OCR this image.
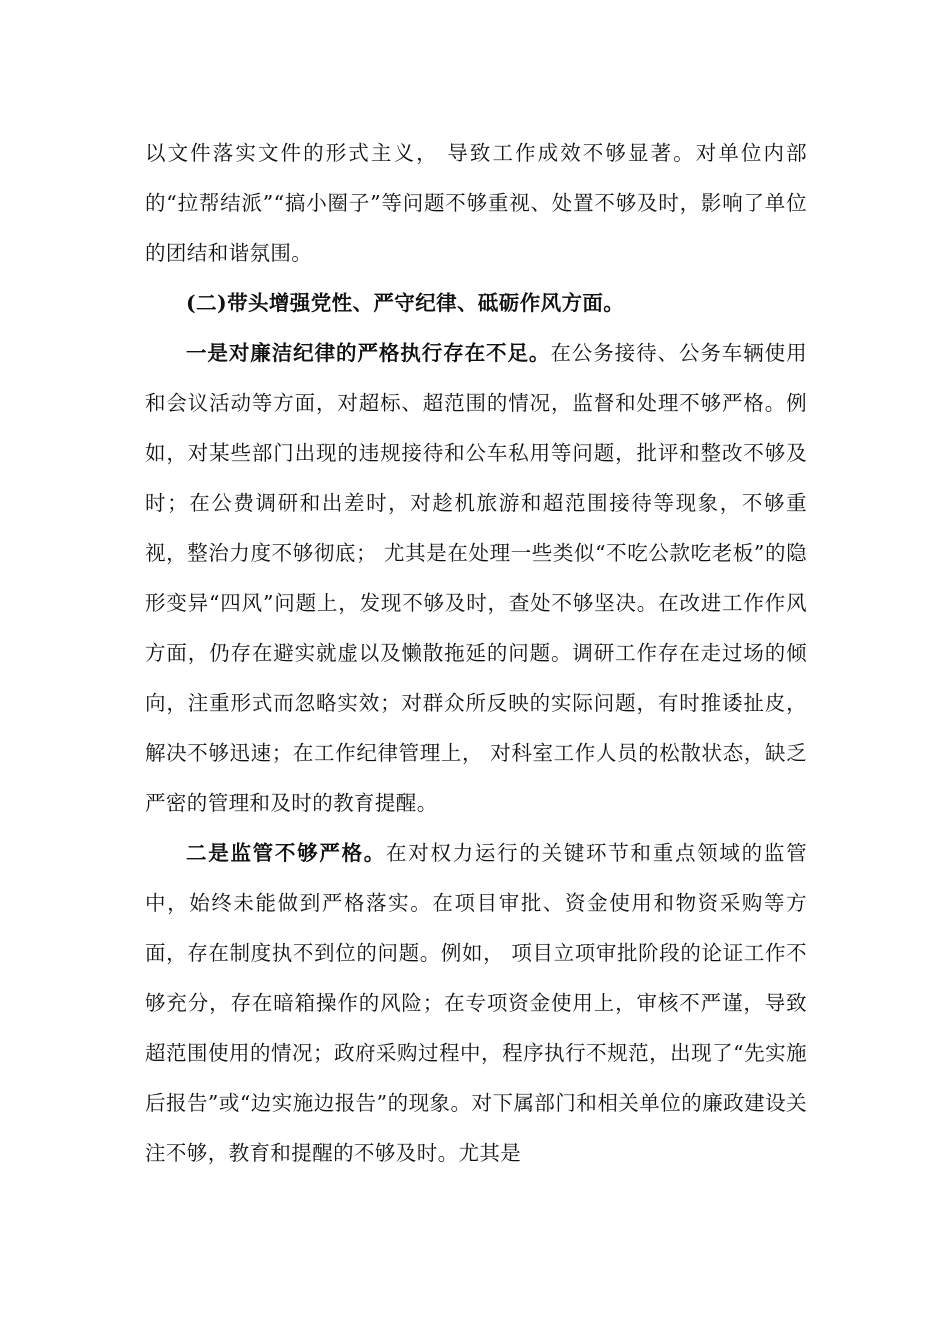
以文件落实文件的形式主义， 导致工作成效不够显著。对单位内部的“拉帮结派”“搞小圈子”等问题不够重视、处置不够及时，影响了单位的团结和谐氛围。

(二)带头增强党性、严守纪律、砥砺作风方面。

一是对廉洁纪律的严格执行存在不足。在公务接待、公务车辆使用和会议活动等方面，对超标、超范围的情况，监督和处理不够严格。例如，对某些部门出现的违规接待和公车私用等问题，批评和整改不够及时；在公费调研和出差时，对趁机旅游和超范围接待等现象，不够重视，整治力度不够彻底； 尤其是在处理一些类似“不吃公款吃老板”的隐形变异“四风”问题上，发现不够及时，查处不够坚决。在改进工作作风方面，仍存在避实就虚以及懒散拖延的问题。调研工作存在走过场的倾向，注重形式而忽略实效；对群众所反映的实际问题，有时推诿扯皮，解决不够迅速；在工作纪律管理上， 对科室工作人员的松散状态，缺乏严密的管理和及时的教育提醒。

二是监管不够严格。在对权力运行的关键环节和重点领域的监管中，始终未能做到严格落实。在项目审批、资金使用和物资采购等方面，存在制度执不到位的问题。例如， 项目立项审批阶段的论证工作不够充分，存在暗箱操作的风险；在专项资金使用上，审核不严谨，导致超范围使用的情况；政府采购过程中，程序执行不规范，出现了“先实施后报告”或“边实施边报告”的现象。对下属部门和相关单位的廉政建设关注不够，教育和提醒的不够及时。尤其是
